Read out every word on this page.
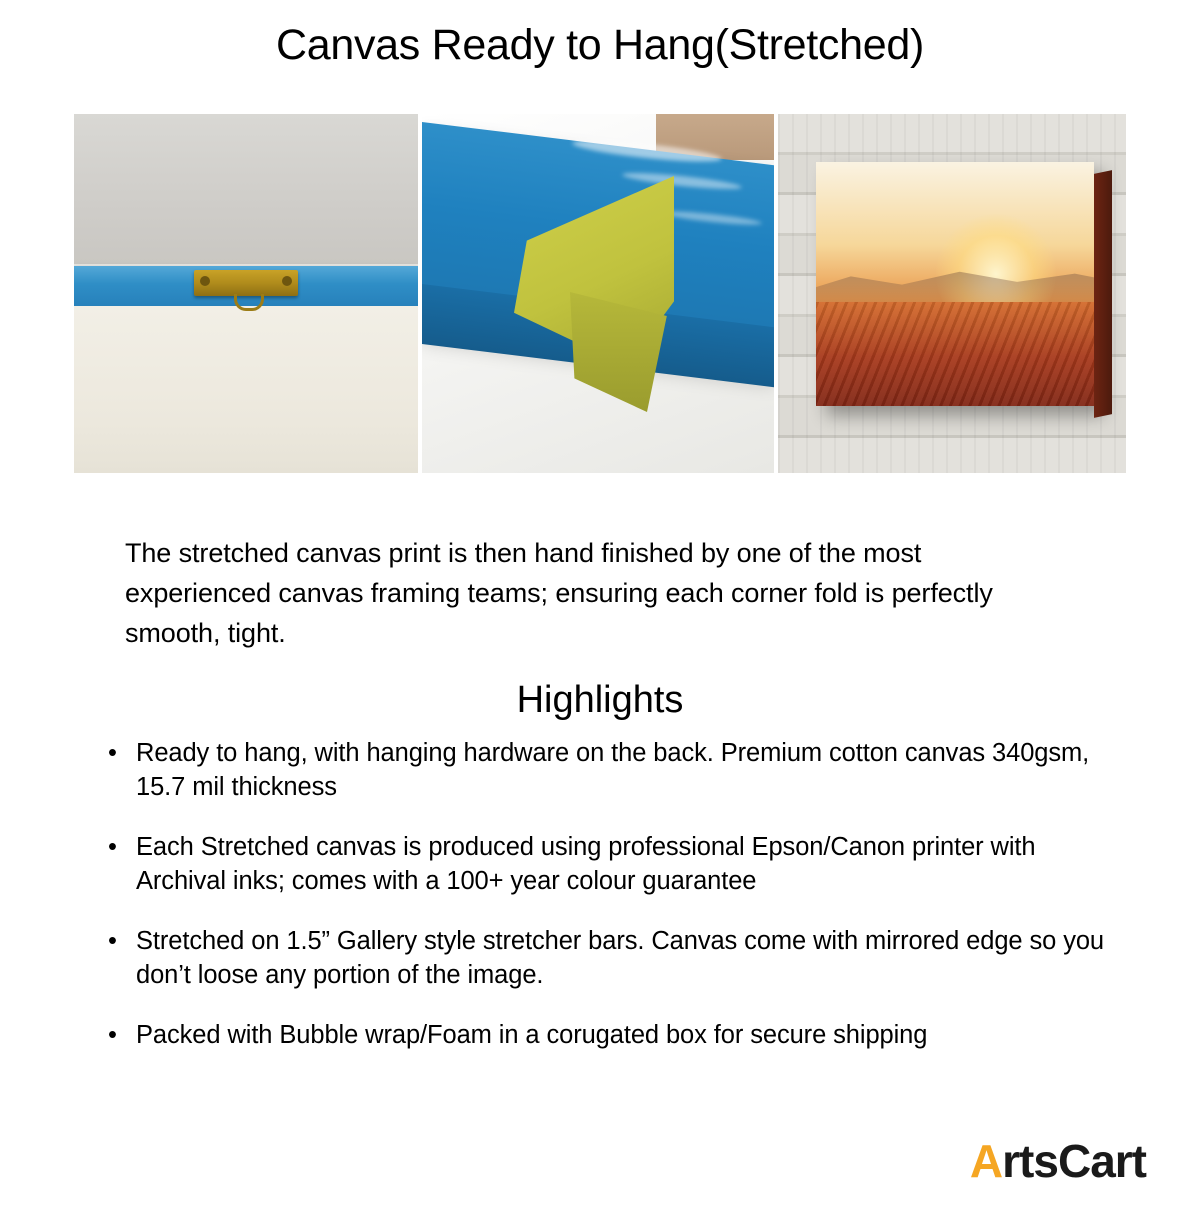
Canvas Ready to Hang(Stretched)

The stretched canvas print is then hand finished by one of the most experienced canvas framing teams; ensuring each corner fold is perfectly smooth, tight.

Highlights
• Ready to hang, with hanging hardware on the back. Premium cotton canvas 340gsm, 15.7 mil thickness
• Each Stretched canvas is produced using professional Epson/Canon printer with Archival inks; comes with a 100+ year colour guarantee
• Stretched on 1.5” Gallery style stretcher bars. Canvas come with mirrored edge so you don’t loose any portion of the image.
• Packed with Bubble wrap/Foam in a corugated box for secure shipping
ArtsCart
